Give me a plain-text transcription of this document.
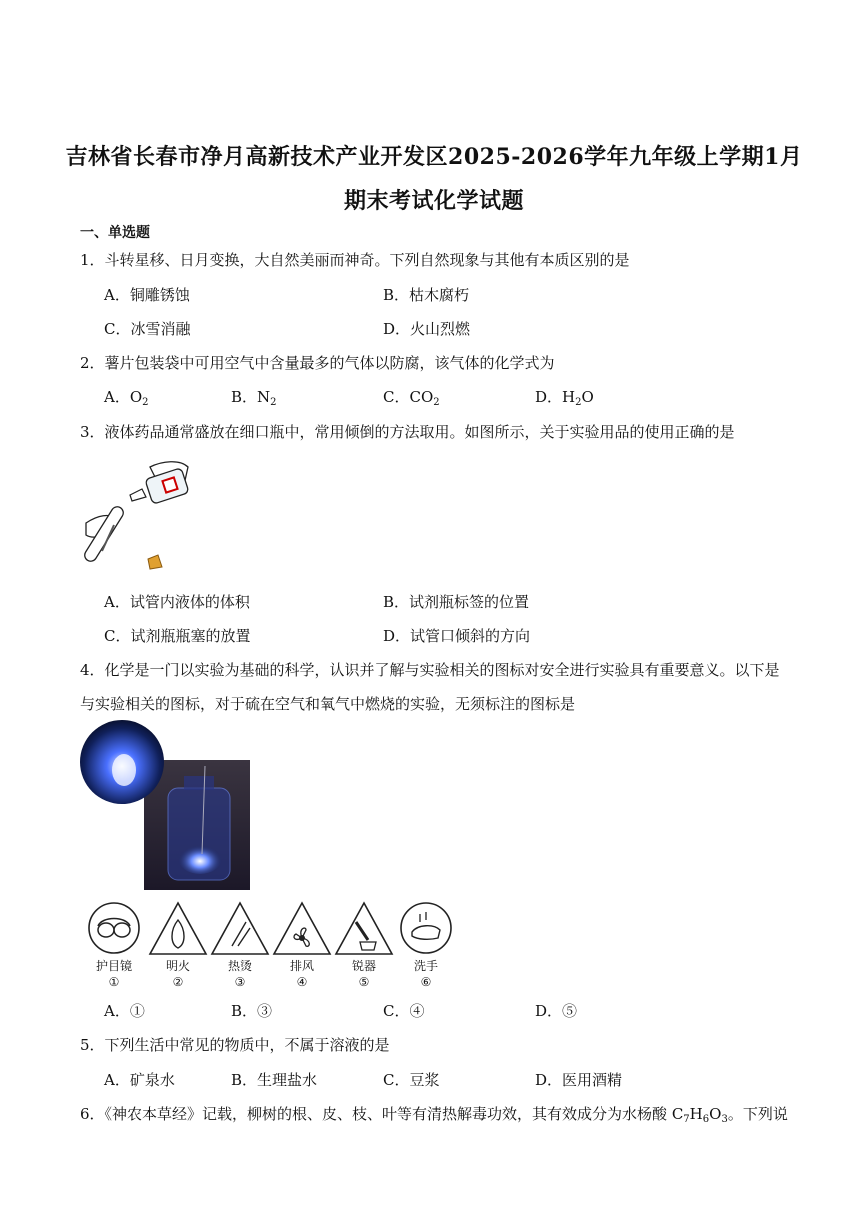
吉林省长春市净月高新技术产业开发区2025-2026学年九年级上学期1月
期末考试化学试题
一、单选题
1．斗转星移、日月变换，大自然美丽而神奇。下列自然现象与其他有本质区别的是
A．铜雕锈蚀	B．枯木腐朽
C．冰雪消融	D．火山烈燃
2．薯片包装袋中可用空气中含量最多的气体以防腐，该气体的化学式为
A．$O_2$	B．$N_2$	C．$CO_2$	D．$H_2O$
3．液体药品通常盛放在细口瓶中，常用倾倒的方法取用。如图所示，关于实验用品的使用正确的是
A．试管内液体的体积	B．试剂瓶标签的位置
C．试剂瓶瓶塞的放置	D．试管口倾斜的方向
4．化学是一门以实验为基础的科学，认识并了解与实验相关的图标对安全进行实验具有重要意义。以下是
与实验相关的图标，对于硫在空气和氧气中燃烧的实验，无须标注的图标是
护目镜	明火	热烫	排风	锐器	洗手
①	②	③	④	⑤	⑥
A．①	B．③	C．④	D．⑤
5．下列生活中常见的物质中，不属于溶液的是
A．矿泉水	B．生理盐水	C．豆浆	D．医用酒精
6．《神农本草经》记载，柳树的根、皮、枝、叶等有清热解毒功效，其有效成分为水杨酸 $C_7H_6O_3$。下列说
